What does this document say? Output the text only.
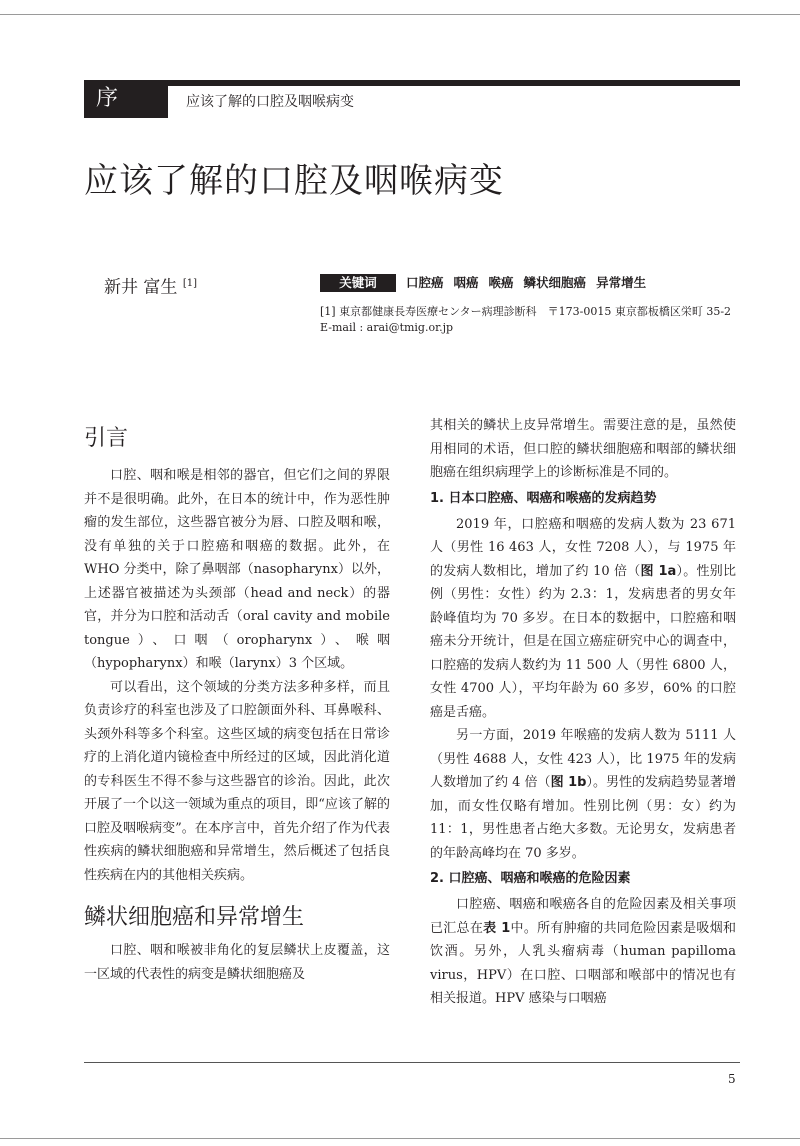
序	应该了解的口腔及咽喉病变
应该了解的口腔及咽喉病变
新井 富生 [1]	关键词 口腔癌 咽癌 喉癌 鳞状细胞癌 异常增生
[1] 東京都健康長寿医療センター病理診断科　〒173-0015 東京都板橋区栄町 35-2　E-mail : arai@tmig.or.jp
引言

口腔、咽和喉是相邻的器官，但它们之间的界限并不是很明确。此外，在日本的统计中，作为恶性肿瘤的发生部位，这些器官被分为唇、口腔及咽和喉，没有单独的关于口腔癌和咽癌的数据。此外，在 WHO 分类中，除了鼻咽部（nasopharynx）以外，上述器官被描述为头颈部（head and neck）的器官，并分为口腔和活动舌（oral cavity and mobile tongue）、口咽（oropharynx）、喉咽（hypopharynx）和喉（larynx）3 个区域。

可以看出，这个领域的分类方法多种多样，而且负责诊疗的科室也涉及了口腔颌面外科、耳鼻喉科、头颈外科等多个科室。这些区域的病变包括在日常诊疗的上消化道内镜检查中所经过的区域，因此消化道的专科医生不得不参与这些器官的诊治。因此，此次开展了一个以这一领域为重点的项目，即“应该了解的口腔及咽喉病变”。在本序言中，首先介绍了作为代表性疾病的鳞状细胞癌和异常增生，然后概述了包括良性疾病在内的其他相关疾病。

鳞状细胞癌和异常增生

口腔、咽和喉被非角化的复层鳞状上皮覆盖，这一区域的代表性的病变是鳞状细胞癌及

其相关的鳞状上皮异常增生。需要注意的是，虽然使用相同的术语，但口腔的鳞状细胞癌和咽部的鳞状细胞癌在组织病理学上的诊断标准是不同的。

1. 日本口腔癌、咽癌和喉癌的发病趋势

2019 年，口腔癌和咽癌的发病人数为 23 671 人（男性 16 463 人，女性 7208 人），与 1975 年的发病人数相比，增加了约 10 倍（图 1a）。性别比例（男性：女性）约为 2.3：1，发病患者的男女年龄峰值均为 70 多岁。在日本的数据中，口腔癌和咽癌未分开统计，但是在国立癌症研究中心的调查中，口腔癌的发病人数约为 11 500 人（男性 6800 人，女性 4700 人），平均年龄为 60 多岁，60% 的口腔癌是舌癌。

另一方面，2019 年喉癌的发病人数为 5111 人（男性 4688 人，女性 423 人），比 1975 年的发病人数增加了约 4 倍（图 1b）。男性的发病趋势显著增加，而女性仅略有增加。性别比例（男：女）约为 11：1，男性患者占绝大多数。无论男女，发病患者的年龄高峰均在 70 多岁。

2. 口腔癌、咽癌和喉癌的危险因素

口腔癌、咽癌和喉癌各自的危险因素及相关事项已汇总在表 1中。所有肿瘤的共同危险因素是吸烟和饮酒。另外，人乳头瘤病毒（human papilloma virus，HPV）在口腔、口咽部和喉部中的情况也有相关报道。HPV 感染与口咽癌

5
